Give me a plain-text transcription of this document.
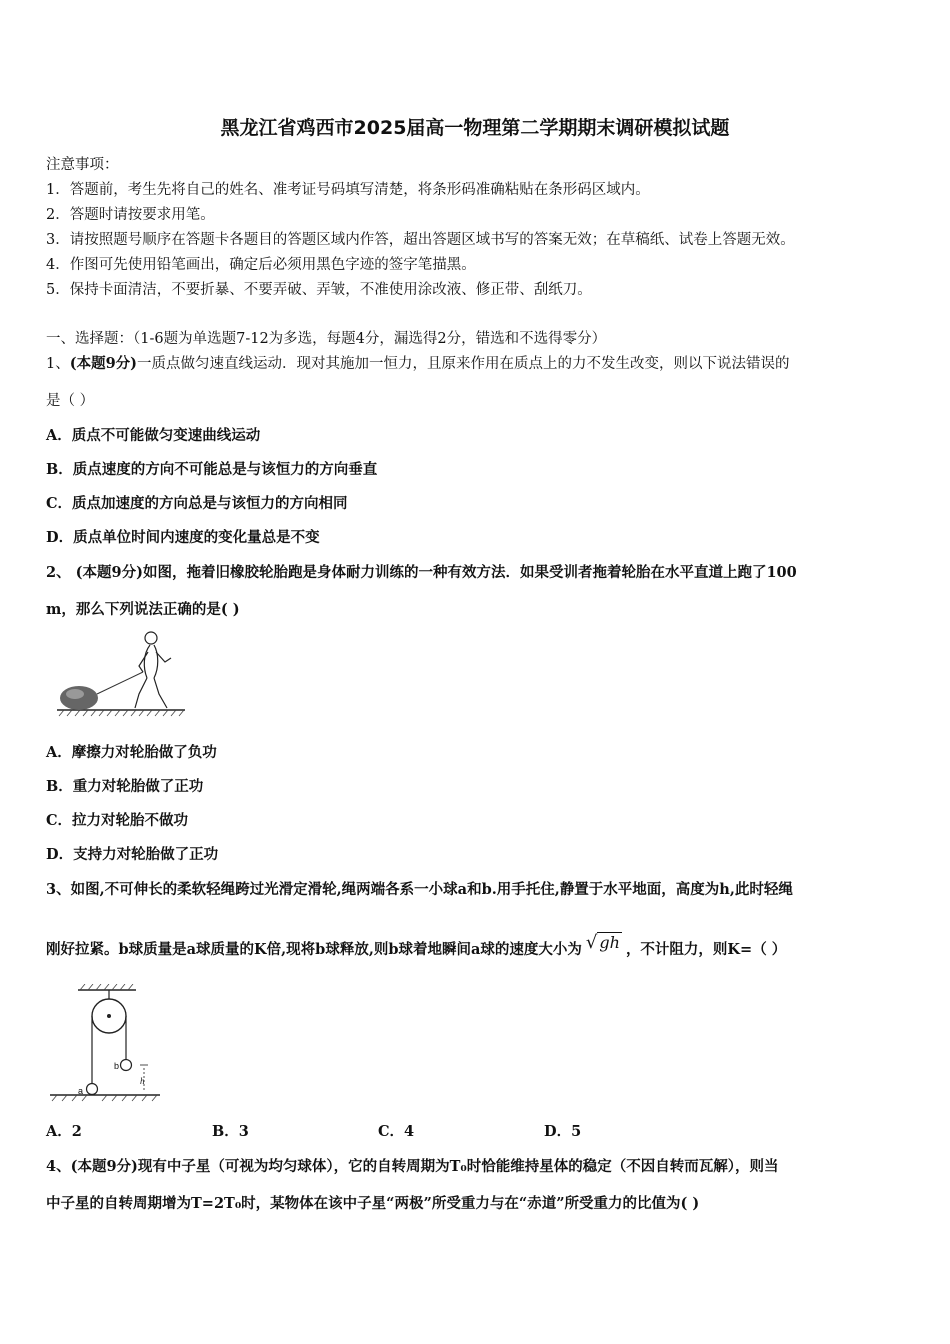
黑龙江省鸡西市2025届高一物理第二学期期末调研模拟试题
注意事项：
1．答题前，考生先将自己的姓名、准考证号码填写清楚，将条形码准确粘贴在条形码区域内。
2．答题时请按要求用笔。
3．请按照题号顺序在答题卡各题目的答题区域内作答，超出答题区域书写的答案无效；在草稿纸、试卷上答题无效。
4．作图可先使用铅笔画出，确定后必须用黑色字迹的签字笔描黑。
5．保持卡面清洁，不要折暴、不要弄破、弄皱，不准使用涂改液、修正带、刮纸刀。
一、选择题：（1-6题为单选题7-12为多选，每题4分，漏选得2分，错选和不选得零分）
1、(本题9分)一质点做匀速直线运动．现对其施加一恒力，且原来作用在质点上的力不发生改变，则以下说法错误的
是（ ）
A．质点不可能做匀变速曲线运动
B．质点速度的方向不可能总是与该恒力的方向垂直
C．质点加速度的方向总是与该恒力的方向相同
D．质点单位时间内速度的变化量总是不变
2、 (本题9分)如图，拖着旧橡胶轮胎跑是身体耐力训练的一种有效方法．如果受训者拖着轮胎在水平直道上跑了100
m，那么下列说法正确的是( )
A．摩擦力对轮胎做了负功
B．重力对轮胎做了正功
C．拉力对轮胎不做功
D．支持力对轮胎做了正功
3、如图,不可伸长的柔软轻绳跨过光滑定滑轮,绳两端各系一小球a和b.用手托住,静置于水平地面，高度为h,此时轻绳
刚好拉紧。b球质量是a球质量的K倍,现将b球释放,则b球着地瞬间a球的速度大小为 √ gh ，不计阻力，则K=（ ）
b
h
a
A．2	B．3	C．4	D．5
4、(本题9分)现有中子星（可视为均匀球体），它的自转周期为T₀时恰能维持星体的稳定（不因自转而瓦解），则当
中子星的自转周期增为T=2T₀时，某物体在该中子星“两极”所受重力与在“赤道”所受重力的比值为( )
